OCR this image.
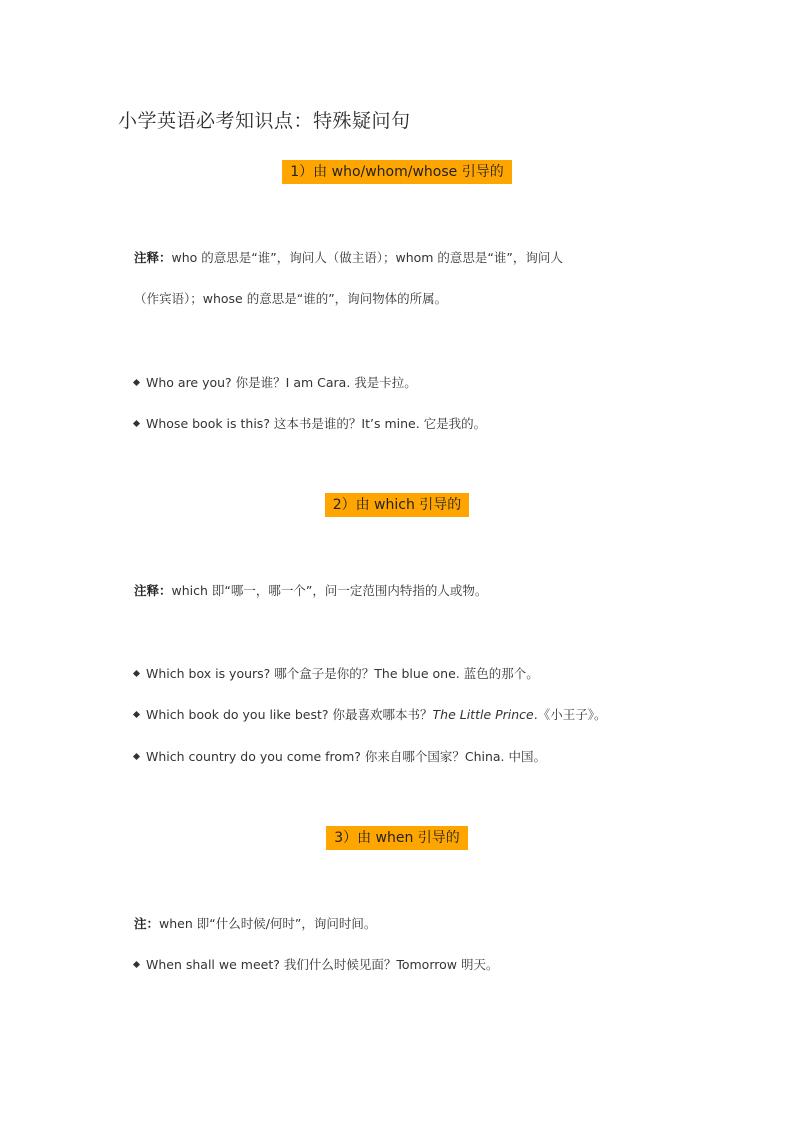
小学英语必考知识点：特殊疑问句
1）由 who/whom/whose 引导的
注释：who 的意思是“谁”，询问人（做主语）；whom 的意思是“谁”，询问人
（作宾语）；whose 的意思是“谁的”，询问物体的所属。
Who are you? 你是谁？I am Cara. 我是卡拉。
Whose book is this? 这本书是谁的？It’s mine. 它是我的。
2）由 which 引导的
注释：which 即“哪一，哪一个”，问一定范围内特指的人或物。
Which box is yours? 哪个盒子是你的？The blue one. 蓝色的那个。
Which book do you like best? 你最喜欢哪本书？The Little Prince.《小王子》。
Which country do you come from? 你来自哪个国家？China. 中国。
3）由 when 引导的
注：when 即“什么时候/何时”，询问时间。
When shall we meet? 我们什么时候见面？Tomorrow 明天。
